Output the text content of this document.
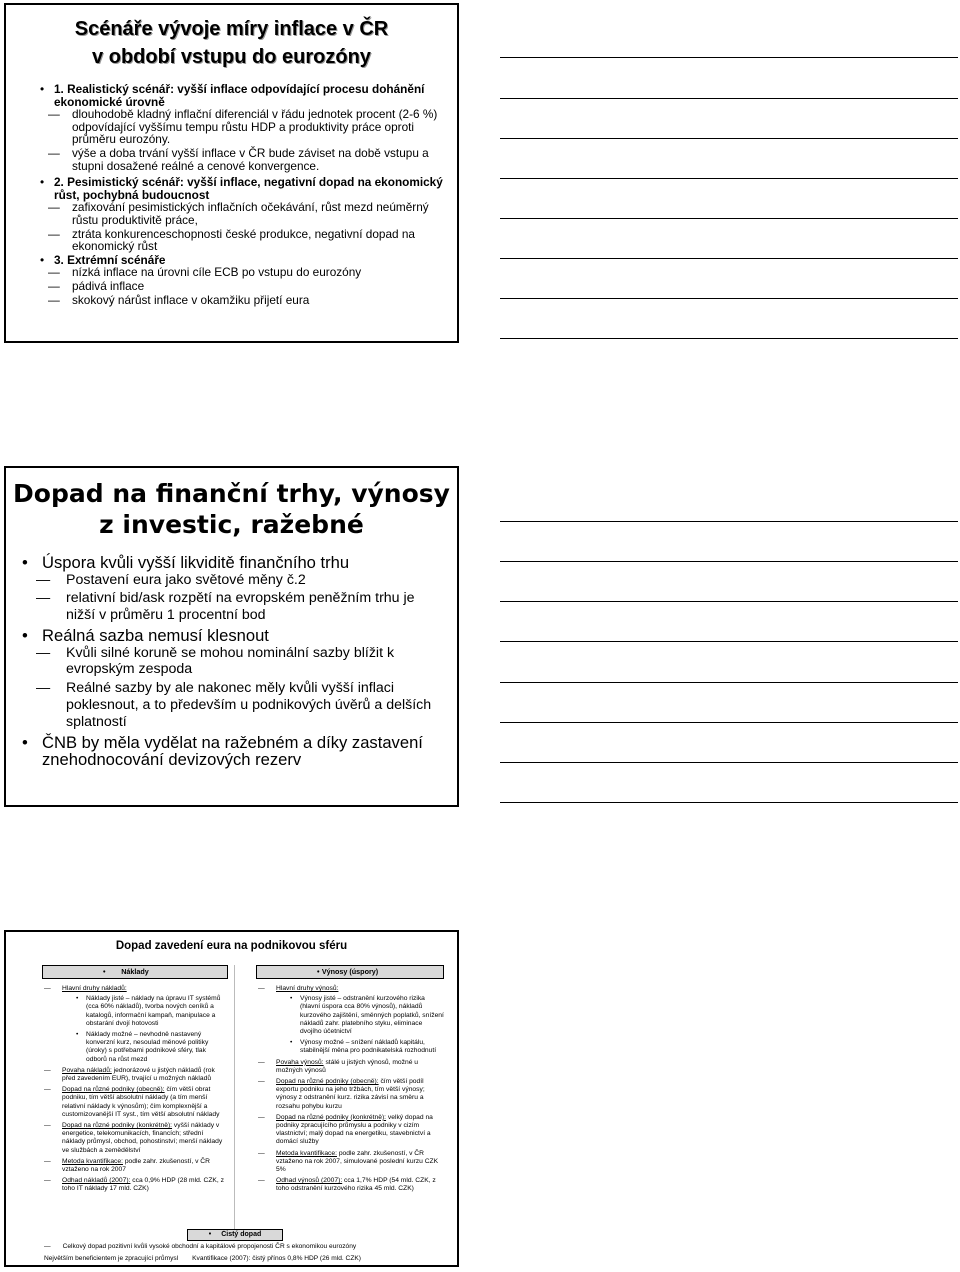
Scénáře vývoje míry inflace v ČR
v období vstupu do eurozóny
• 1. Realistický scénář: vyšší inflace odpovídající procesu dohánění ekonomické úrovně
— dlouhodobě kladný inflační diferenciál v řádu jednotek procent (2-6 %) odpovídající vyššímu tempu růstu HDP a produktivity práce oproti průměru eurozóny.
— výše a doba trvání vyšší inflace v ČR bude záviset na době vstupu a stupni dosažené reálné a cenové konvergence.
• 2. Pesimistický scénář: vyšší inflace, negativní dopad na ekonomický růst, pochybná budoucnost
— zafixování pesimistických inflačních očekávání, růst mezd neúměrný růstu produktivitě práce,
— ztráta konkurenceschopnosti české produkce, negativní dopad na ekonomický růst
• 3. Extrémní scénáře
— nízká inflace na úrovni cíle ECB po vstupu do eurozóny
— pádivá inflace
— skokový nárůst inflace v okamžiku přijetí eura
Dopad na finanční trhy, výnosy
z investic, ražebné
• Úspora kvůli vyšší likviditě finančního trhu
— Postavení eura jako světové měny č.2
— relativní bid/ask rozpětí na evropském peněžním trhu je nižší v průměru 1 procentní bod
• Reálná sazba nemusí klesnout
— Kvůli silné koruně se mohou nominální sazby blížit k evropským zespoda
— Reálné sazby by ale nakonec měly kvůli vyšší inflaci poklesnout, a to především u podnikových úvěrů a delších splatností
• ČNB by měla vydělat na ražebném a díky zastavení znehodnocování devizových rezerv
Dopad zavedení eura na podnikovou sféru
• Náklady
— Hlavní druhy nákladů:
• Náklady jisté – náklady na úpravu IT systémů (cca 60% nákladů), tvorba nových ceníků a katalogů, informační kampaň, manipulace a obstarání dvojí hotovosti
• Náklady možné – nevhodně nastavený konverzní kurz, nesoulad měnové politiky (úroky) s potřebami podnikové sféry, tlak odborů na růst mezd
— Povaha nákladů: jednorázové u jistých nákladů (rok před zavedením EUR), trvající u možných nákladů
— Dopad na různé podniky (obecně): čím větší obrat podniku, tím větší absolutní náklady (a tím menší relativní náklady k výnosům); čím komplexnější a customizovanější IT syst., tím větší absolutní náklady
— Dopad na různé podniky (konkrétně): vyšší náklady v energetice, telekomunikacích, financích; střední náklady průmysl, obchod, pohostinství; menší náklady ve službách a zemědělství
— Metoda kvantifikace: podle zahr. zkušeností, v ČR vztaženo na rok 2007
— Odhad nákladů (2007): cca 0,9% HDP (28 mld. CZK, z toho IT náklady 17 mld. CZK)
• Výnosy (úspory)
— Hlavní druhy výnosů:
• Výnosy jisté – odstranění kurzového rizika (hlavní úspora cca 80% výnosů), nákladů kurzového zajištění, směnných poplatků, snížení nákladů zahr. platebního styku, eliminace dvojího účetnictví
• Výnosy možné – snížení nákladů kapitálu, stabilnější měna pro podnikatelská rozhodnutí
— Povaha výnosů: stálé u jistých výnosů, možné u možných výnosů
— Dopad na různé podniky (obecně): čím větší podíl exportu podniku na jeho tržbách, tím větší výnosy; výnosy z odstranění kurz. rizika závisí na směru a rozsahu pohybu kurzu
— Dopad na různé podniky (konkrétně): velký dopad na podniky zpracujícího průmyslu a podniky v cizím vlastnictví; malý dopad na energetiku, stavebnictví a domácí služby
— Metoda kvantifikace: podle zahr. zkušeností, v ČR vztaženo na rok 2007, simulované poslední kurzu CZK 5%
— Odhad výnosů (2007): cca 1,7% HDP (54 mld. CZK, z toho odstranění kurzového rizika 45 mld. CZK)
• Čistý dopad
— Celkový dopad pozitivní kvůli vysoké obchodní a kapitálové propojenosti ČR s ekonomikou eurozóny
Největším beneficientem je zpracující průmysl Kvantifikace (2007): čistý přínos 0,8% HDP (26 mld. CZK)
